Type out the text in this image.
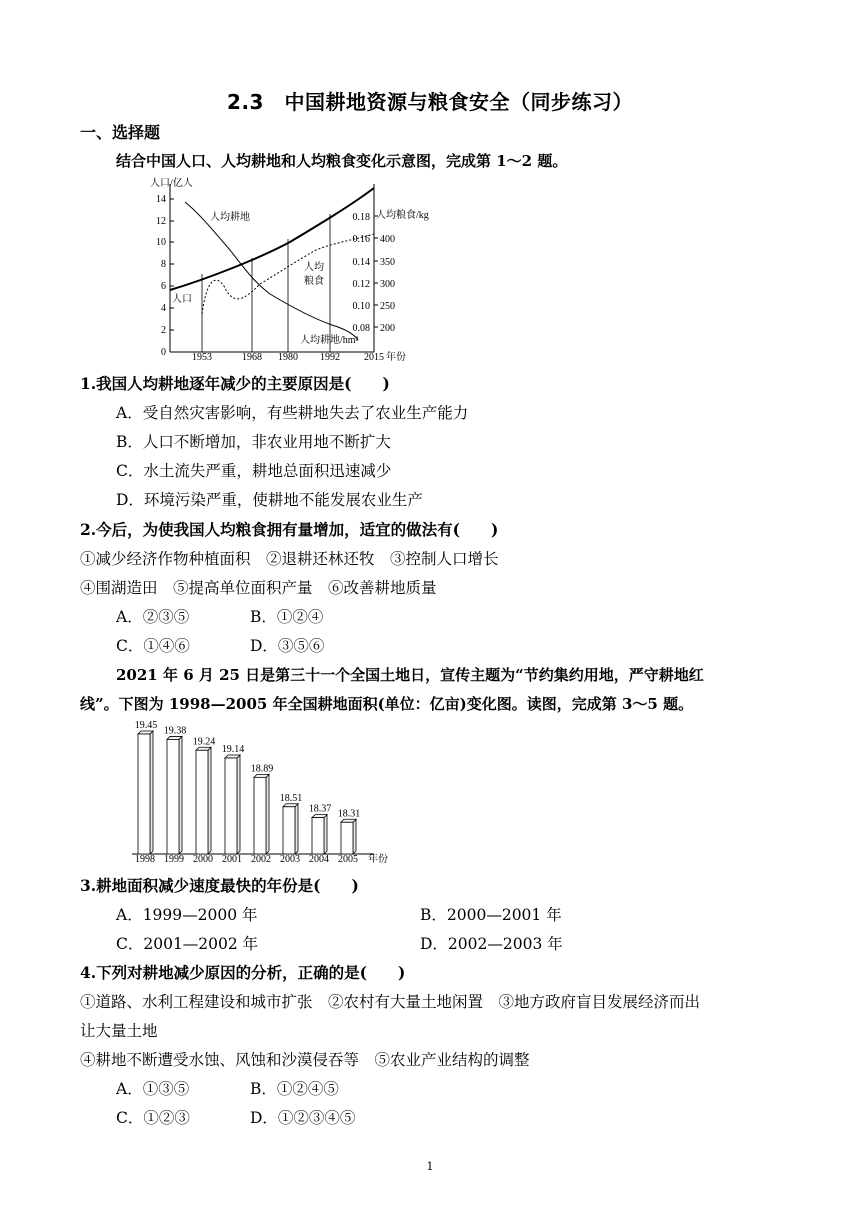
2.3　中国耕地资源与粮食安全（同步练习）
一、选择题
结合中国人口、人均耕地和人均粮食变化示意图，完成第 1～2 题。
人口/亿人
人均粮食/kg
人均耕地/hm²
14
12
10
8
6
4
2
0
0.18
0.16
0.14
0.12
0.10
0.08
400
350
300
250
200
1953	1968 1980 1992 2015 年份
人口
人均耕地
人均
粮食
1.我国人均耕地逐年减少的主要原因是(　　)
A．受自然灾害影响，有些耕地失去了农业生产能力
B．人口不断增加，非农业用地不断扩大
C．水土流失严重，耕地总面积迅速减少
D．环境污染严重，使耕地不能发展农业生产
2.今后，为使我国人均粮食拥有量增加，适宜的做法有(　　)
①减少经济作物种植面积　②退耕还林还牧　③控制人口增长
④围湖造田　⑤提高单位面积产量　⑥改善耕地质量
A．②③⑤	B．①②④
C．①④⑥	D．③⑤⑥
2021 年 6 月 25 日是第三十一个全国土地日，宣传主题为“节约集约用地，严守耕地红
线”。下图为 1998—2005 年全国耕地面积(单位：亿亩)变化图。读图，完成第 3～5 题。
19.45
1998
19.38
1999
19.24
2000
19.14
2001
18.89
2002
18.51
2003
18.37
2004
18.31
2005 年份
3.耕地面积减少速度最快的年份是(　　)
A．1999—2000 年	B．2000—2001 年
C．2001—2002 年	D．2002—2003 年
4.下列对耕地减少原因的分析，正确的是(　　)
①道路、水利工程建设和城市扩张　②农村有大量土地闲置　③地方政府盲目发展经济而出
让大量土地
④耕地不断遭受水蚀、风蚀和沙漠侵吞等　⑤农业产业结构的调整
A．①③⑤	B．①②④⑤
C．①②③	D．①②③④⑤
1
